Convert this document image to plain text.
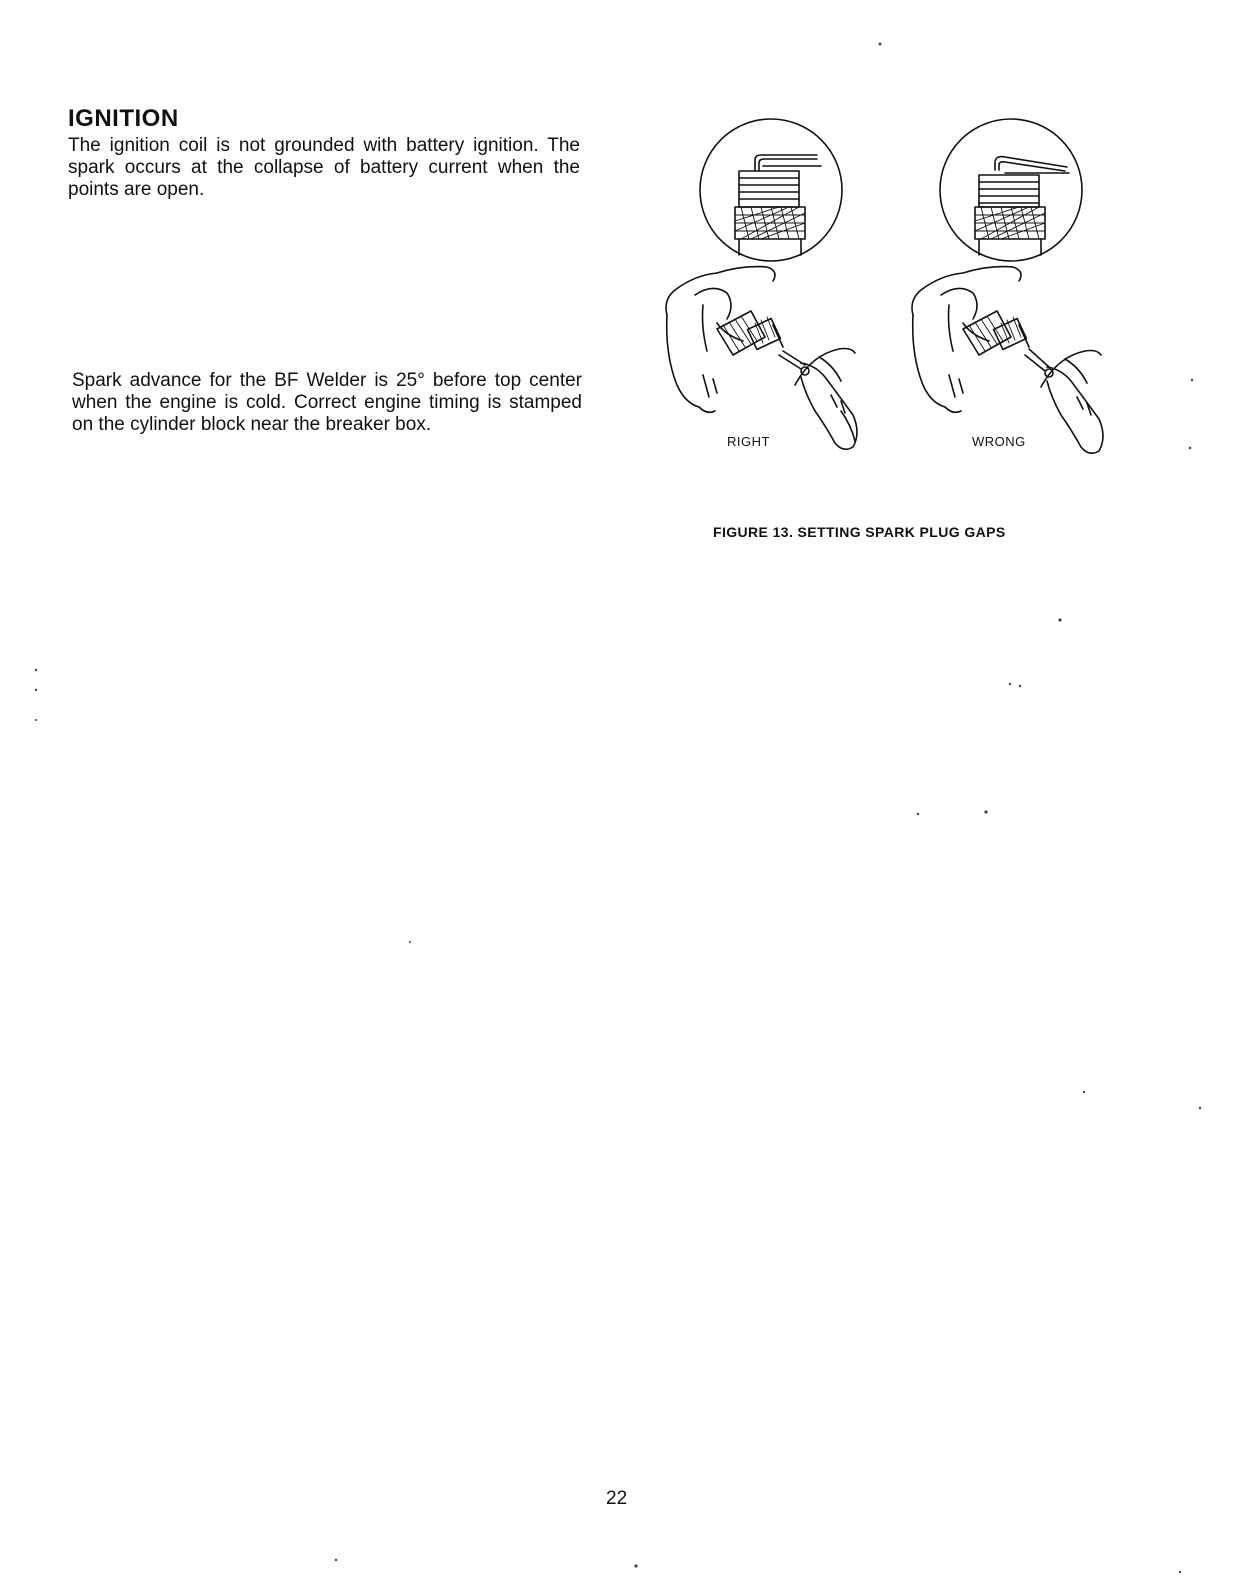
IGNITION

The ignition coil is not grounded with battery ignition. The spark occurs at the collapse of battery current when the points are open.

Spark advance for the BF Welder is 25° before top center when the engine is cold. Correct engine timing is stamped on the cylinder block near the breaker box.

RIGHT	WRONG

FIGURE 13. SETTING SPARK PLUG GAPS

22
